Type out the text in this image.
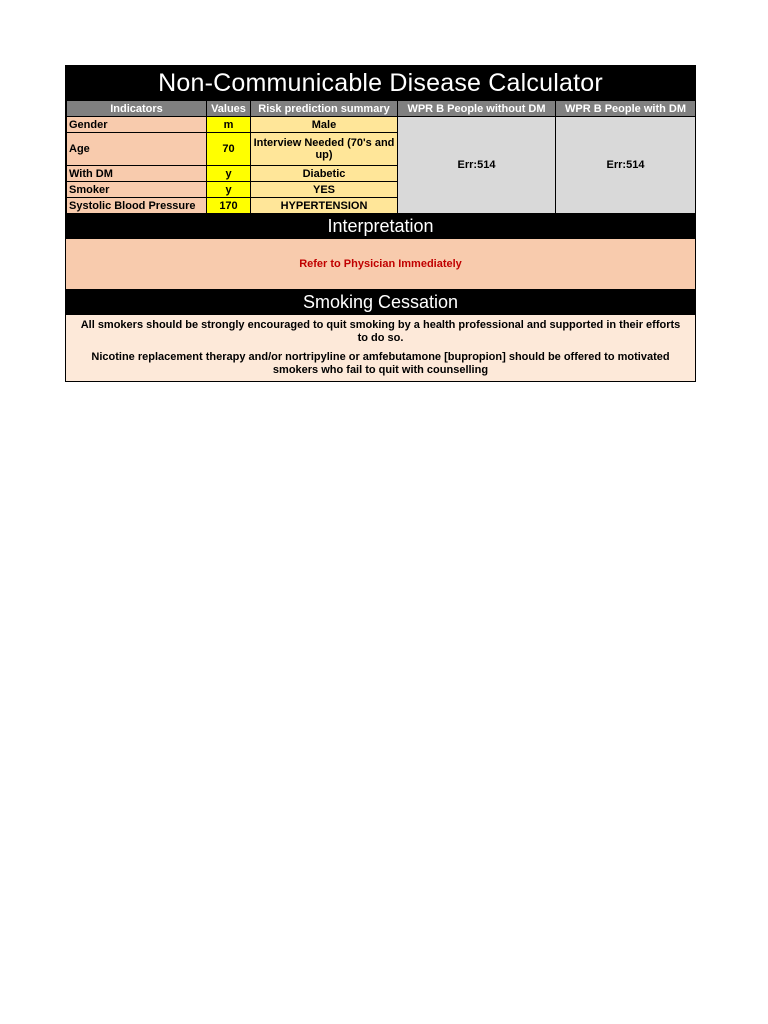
Non-Communicable Disease Calculator
Indicators	Values	Risk prediction summary	WPR B People without DM	WPR B People with DM
Gender	m	Male	Err:514	Err:514
Age	70	Interview Needed (70's and up)		
With DM	y	Diabetic		
Smoker	y	YES		
Systolic Blood Pressure	170	HYPERTENSION		
Interpretation
Refer to Physician Immediately
Smoking Cessation

All smokers should be strongly encouraged to quit smoking by a health professional and supported in their efforts to do so.

Nicotine replacement therapy and/or nortripyline or amfebutamone [bupropion] should be offered to motivated smokers who fail to quit with counselling
